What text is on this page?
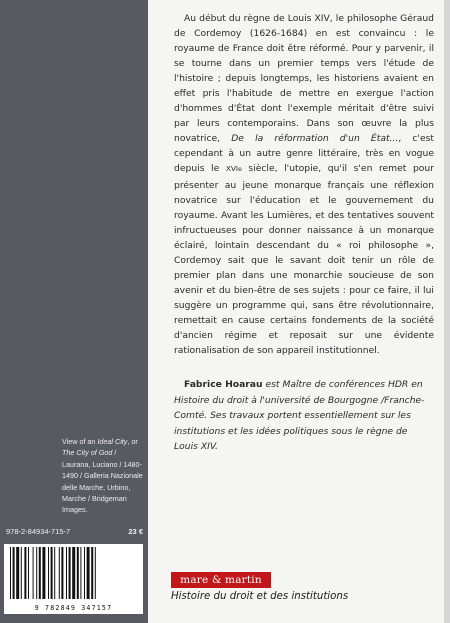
Au début du règne de Louis XIV, le philosophe Géraud de Cordemoy (1626-1684) en est convaincu : le royaume de France doit être réformé. Pour y parvenir, il se tourne dans un premier temps vers l'étude de l'histoire ; depuis longtemps, les historiens avaient en effet pris l'habitude de mettre en exergue l'action d'hommes d'État dont l'exemple méritait d'être suivi par leurs contemporains. Dans son œuvre la plus novatrice, De la réformation d'un État..., c'est cependant à un autre genre littéraire, très en vogue depuis le XVIe siècle, l'utopie, qu'il s'en remet pour présenter au jeune monarque français une réflexion novatrice sur l'éducation et le gouvernement du royaume. Avant les Lumières, et des tentatives souvent infructueuses pour donner naissance à un monarque éclairé, lointain descendant du « roi philosophe », Cordemoy sait que le savant doit tenir un rôle de premier plan dans une monarchie soucieuse de son avenir et du bien-être de ses sujets : pour ce faire, il lui suggère un programme qui, sans être révolutionnaire, remettait en cause certains fondements de la société d'ancien régime et reposait sur une évidente rationalisation de son appareil institutionnel.

Fabrice Hoarau est Maître de conférences HDR en Histoire du droit à l'université de Bourgogne /Franche-Comté. Ses travaux portent essentiellement sur les institutions et les idées politiques sous le règne de Louis XIV.

View of an Ideal City, or The City of God / Laurana, Luciano / 1480-1490 / Galleria Nazionale delle Marche, Urbino, Marche / Bridgeman Images.

978-2-84934-715-7	23 €
9 782849 347157
mare & martin
Histoire du droit et des institutions
